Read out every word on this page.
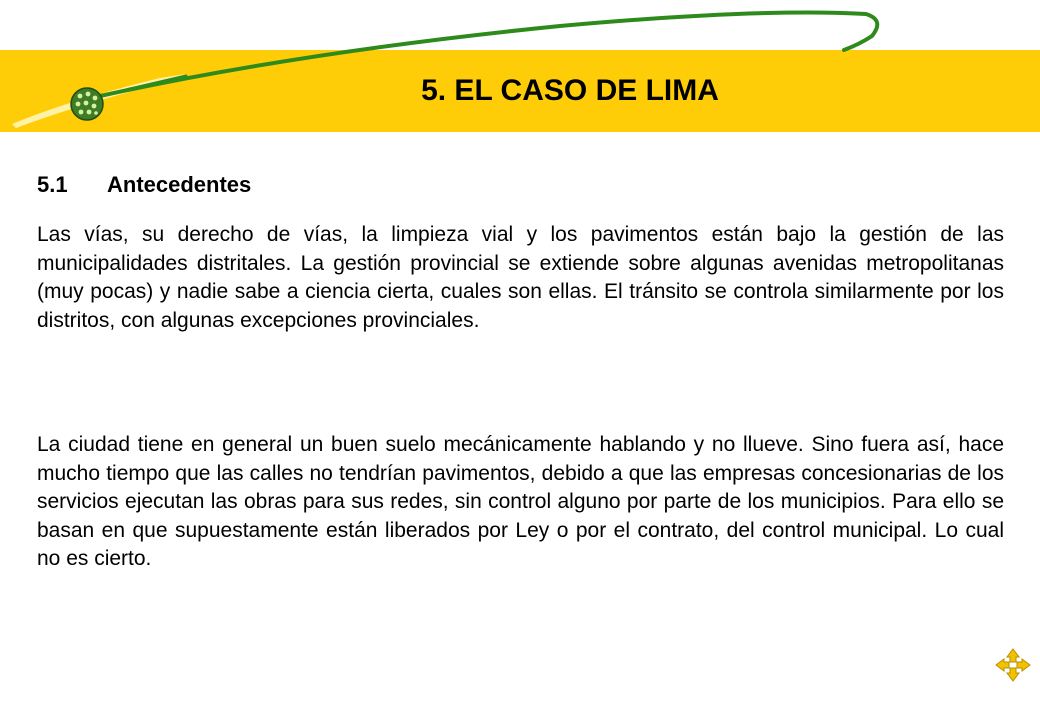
5. EL CASO DE LIMA
5.1 Antecedentes

Las vías, su derecho de vías, la limpieza vial y los pavimentos están bajo la gestión de las municipalidades distritales. La gestión provincial se extiende sobre algunas avenidas metropolitanas (muy pocas) y nadie sabe a ciencia cierta, cuales son ellas. El tránsito se controla similarmente por los distritos, con algunas excepciones provinciales.

La ciudad tiene en general un buen suelo mecánicamente hablando y no llueve. Sino fuera así, hace mucho tiempo que las calles no tendrían pavimentos, debido a que las empresas concesionarias de los servicios ejecutan las obras para sus redes, sin control alguno por parte de los municipios. Para ello se basan en que supuestamente están liberados por Ley o por el contrato, del control municipal. Lo cual no es cierto.
